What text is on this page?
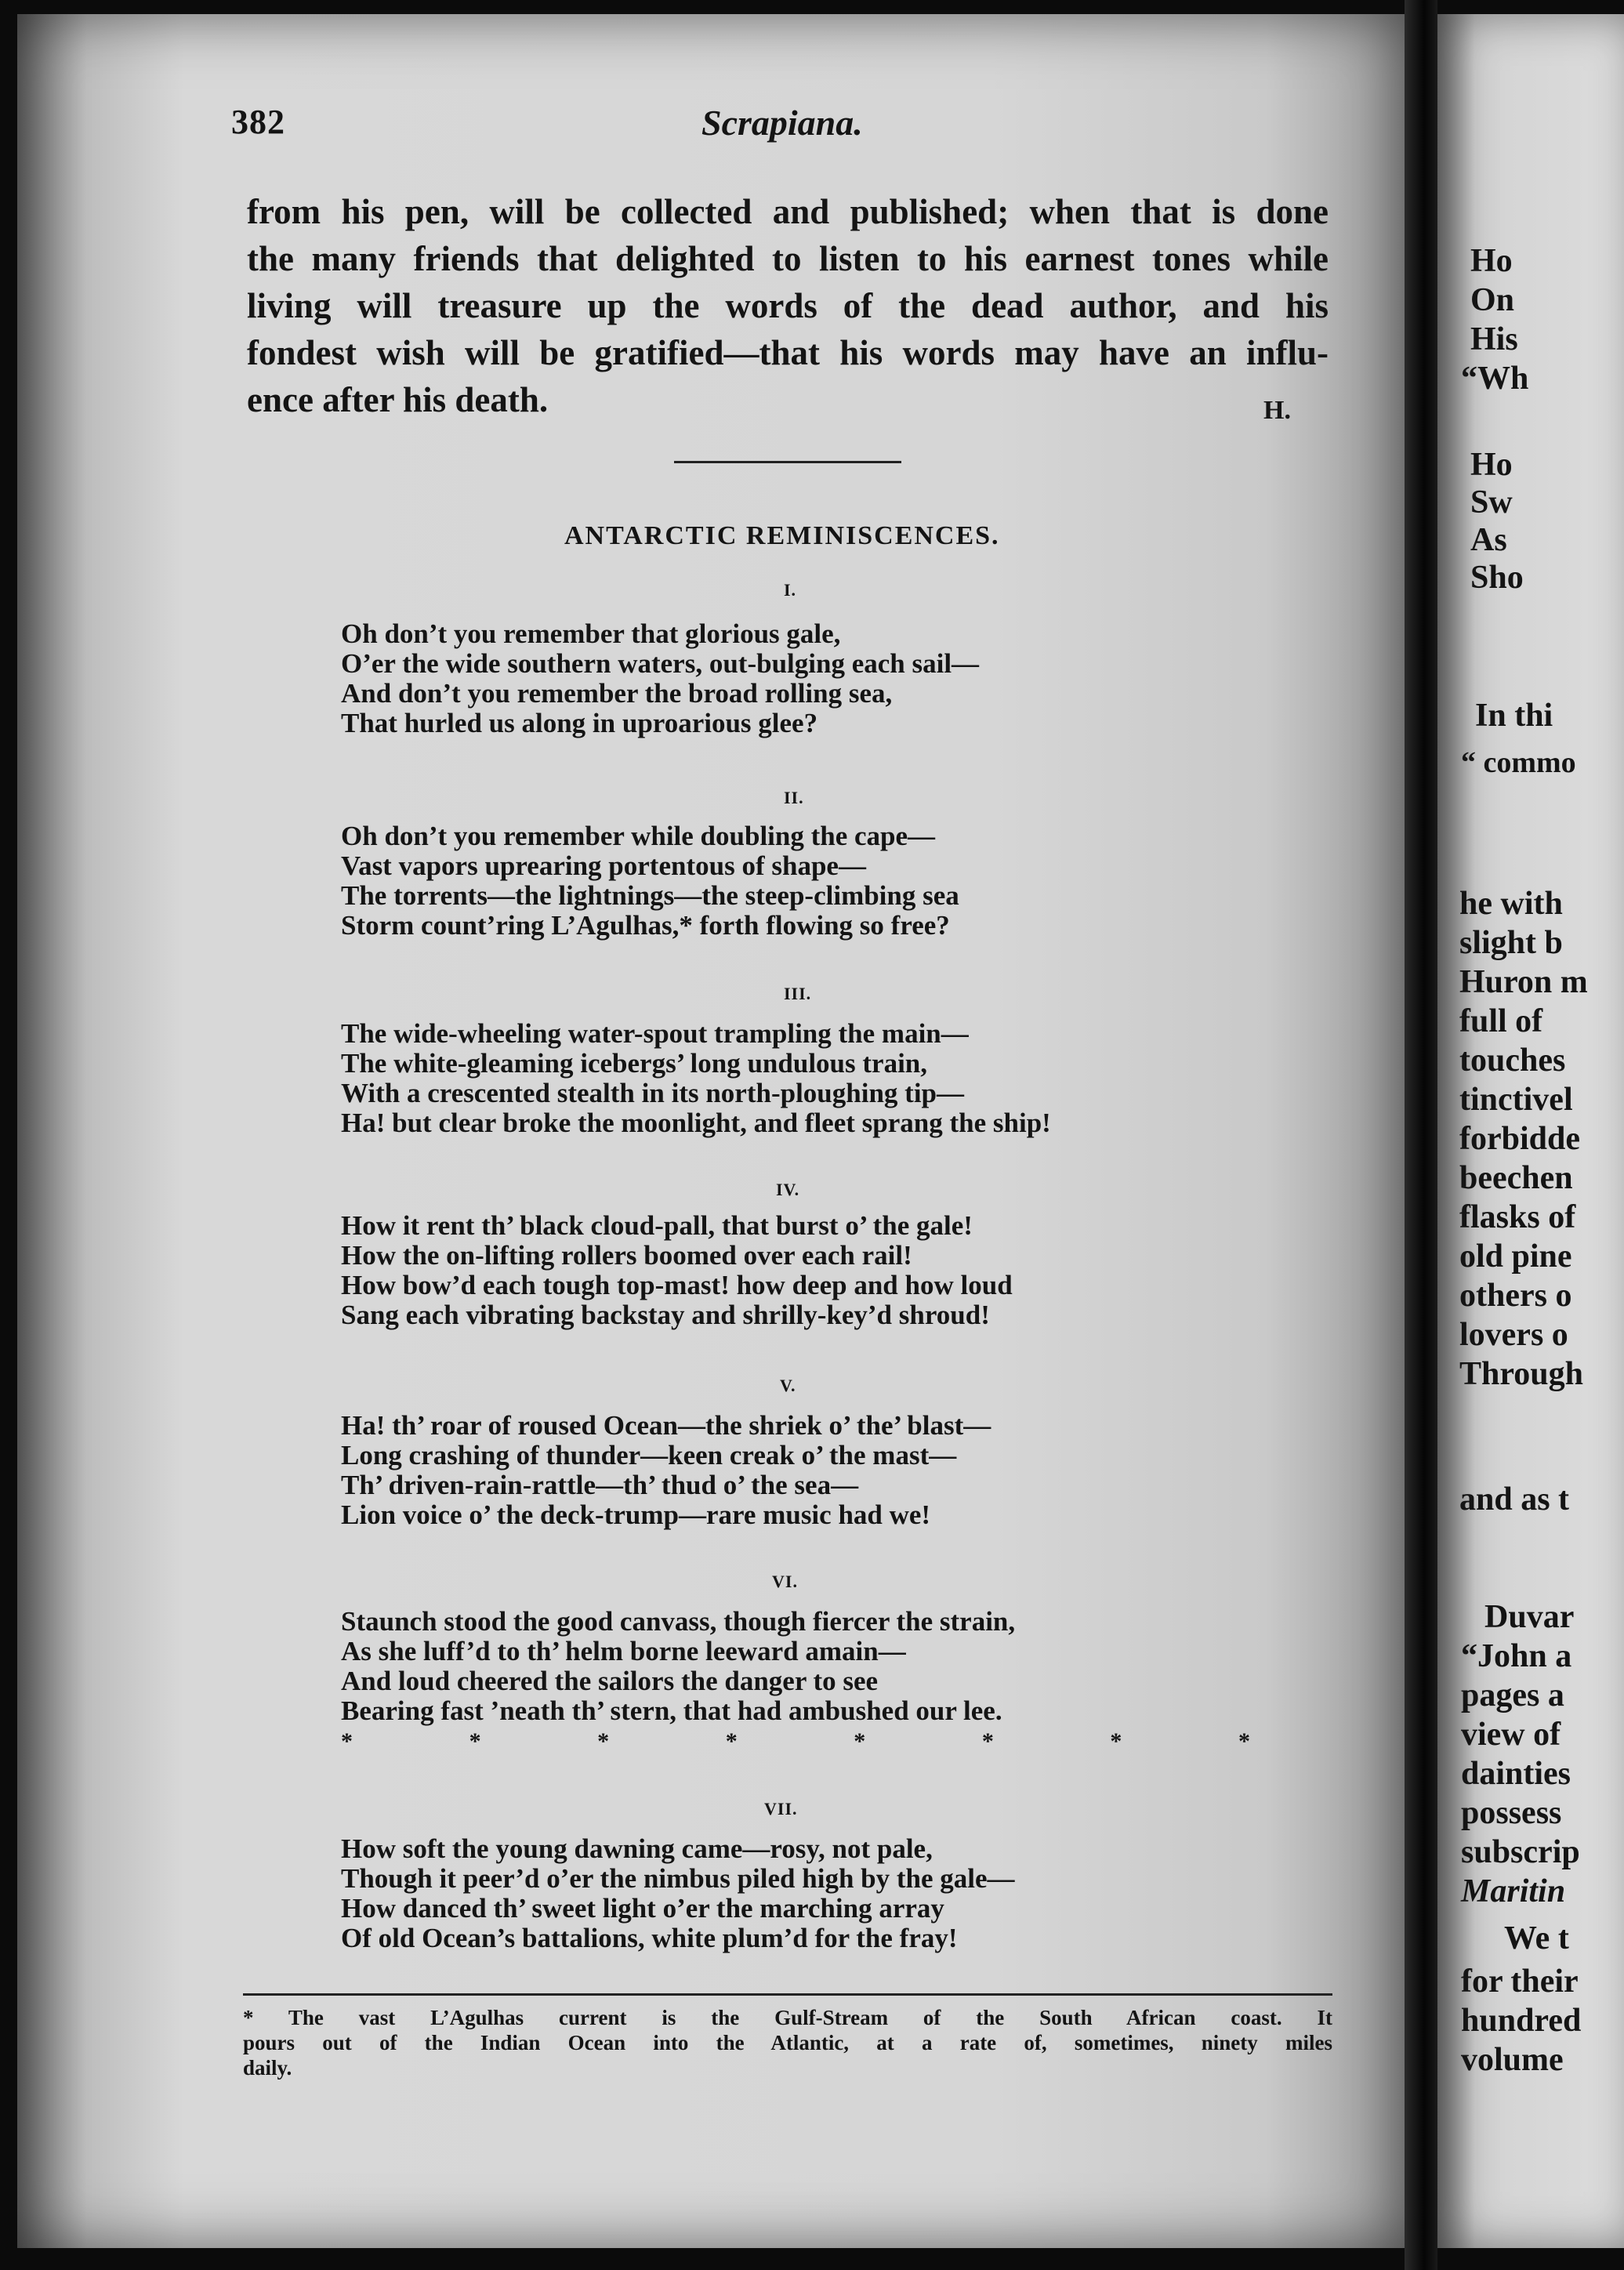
382	Scrapiana.
from his pen, will be collected and published; when that is done
the many friends that delighted to listen to his earnest tones while
living will treasure up the words of the dead author, and his
fondest wish will be gratified—that his words may have an influ-
ence after his death.	H.
ANTARCTIC REMINISCENCES.
I.
Oh don’t you remember that glorious gale,
O’er the wide southern waters, out-bulging each sail—
And don’t you remember the broad rolling sea,
That hurled us along in uproarious glee?
II.
Oh don’t you remember while doubling the cape—
Vast vapors uprearing portentous of shape—
The torrents—the lightnings—the steep-climbing sea
Storm count’ring L’Agulhas,* forth flowing so free?
III.
The wide-wheeling water-spout trampling the main—
The white-gleaming icebergs’ long undulous train,
With a crescented stealth in its north-ploughing tip—
Ha! but clear broke the moonlight, and fleet sprang the ship!
IV.
How it rent th’ black cloud-pall, that burst o’ the gale!
How the on-lifting rollers boomed over each rail!
How bow’d each tough top-mast! how deep and how loud
Sang each vibrating backstay and shrilly-key’d shroud!
V.
Ha! th’ roar of roused Ocean—the shriek o’ the’ blast—
Long crashing of thunder—keen creak o’ the mast—
Th’ driven-rain-rattle—th’ thud o’ the sea—
Lion voice o’ the deck-trump—rare music had we!
VI.
Staunch stood the good canvass, though fiercer the strain,
As she luff’d to th’ helm borne leeward amain—
And loud cheered the sailors the danger to see
Bearing fast ’neath th’ stern, that had ambushed our lee.
*	*	*	*	*	*	*	*
VII.
How soft the young dawning came—rosy, not pale,
Though it peer’d o’er the nimbus piled high by the gale—
How danced th’ sweet light o’er the marching array
Of old Ocean’s battalions, white plum’d for the fray!
* The vast L’Agulhas current is the Gulf-Stream of the South African coast. It
pours out of the Indian Ocean into the Atlantic, at a rate of, sometimes, ninety miles
daily.
Ho
On
His
“Wh
Ho
Sw
As
Sho
In thi
“ commo
he with
slight b
Huron m
full of
touches
tinctivel
forbidde
beechen
flasks of
old pine
others o
lovers o
Through
and as t
Duvar
“John a
pages a
view of
dainties
possess
subscrip
Maritin
We t
for their
hundred
volume
